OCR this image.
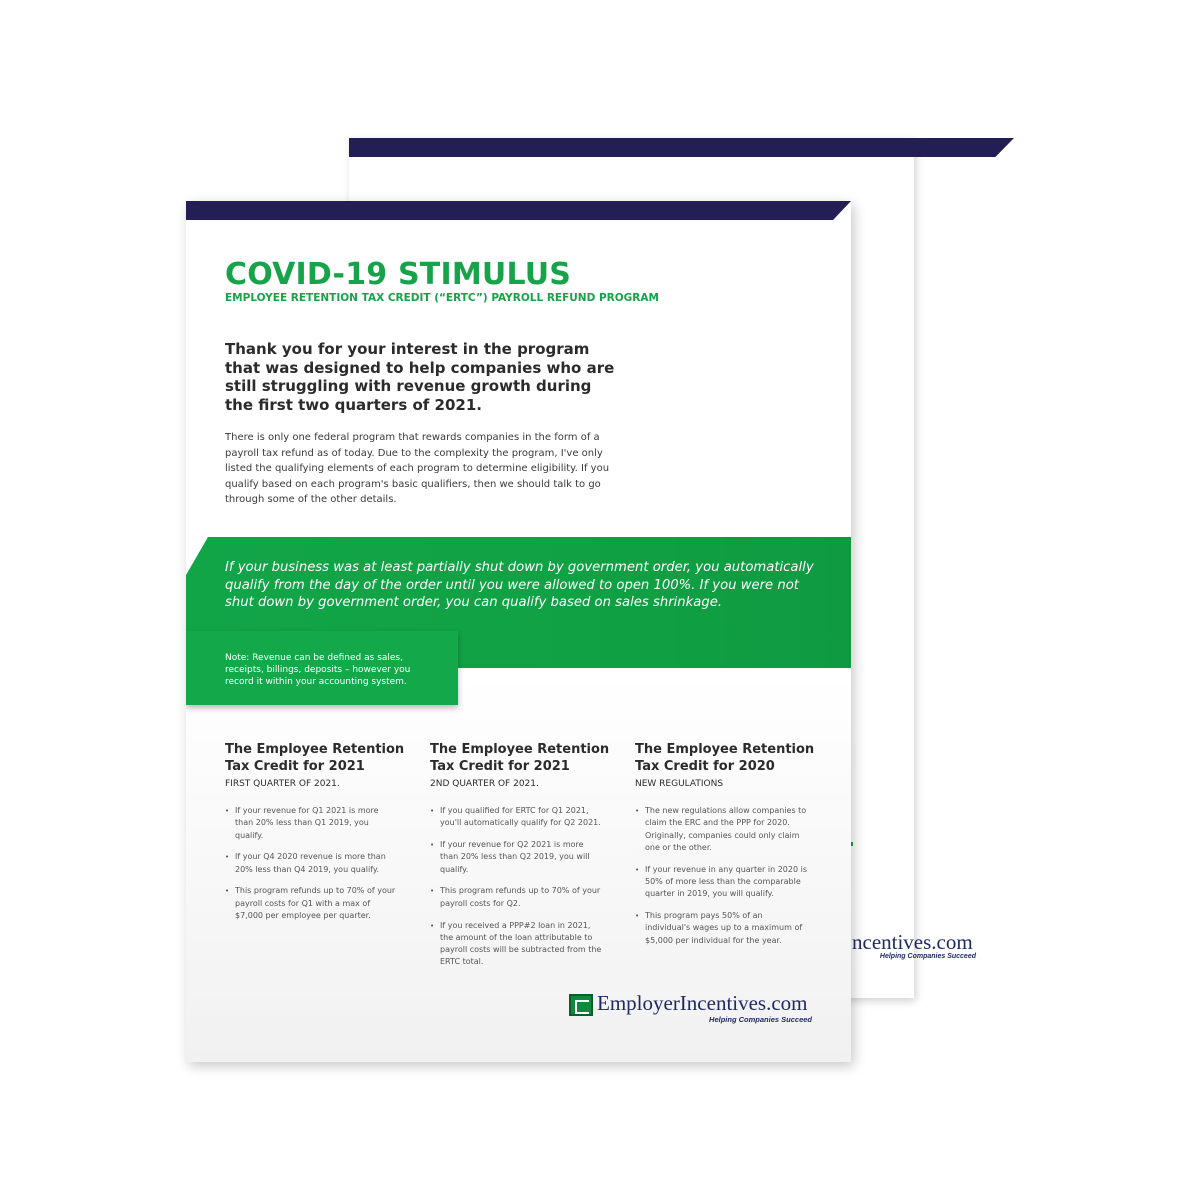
ncentives.com
Helping Companies Succeed
COVID-19 STIMULUS
EMPLOYEE RETENTION TAX CREDIT (“ERTC”) PAYROLL REFUND PROGRAM

Thank you for your interest in the program that was designed to help companies who are still struggling with revenue growth during the first two quarters of 2021.

There is only one federal program that rewards companies in the form of a payroll tax refund as of today. Due to the complexity the program, I've only listed the qualifying elements of each program to determine eligibility. If you qualify based on each program's basic qualifiers, then we should talk to go through some of the other details.

If your business was at least partially shut down by government order, you automatically qualify from the day of the order until you were allowed to open 100%. If you were not shut down by government order, you can qualify based on sales shrinkage.

Note: Revenue can be defined as sales, receipts, billings, deposits – however you record it within your accounting system.

The Employee Retention Tax Credit for 2021
FIRST QUARTER OF 2021.
• If your revenue for Q1 2021 is more than 20% less than Q1 2019, you qualify.
• If your Q4 2020 revenue is more than 20% less than Q4 2019, you qualify.
• This program refunds up to 70% of your payroll costs for Q1 with a max of $7,000 per employee per quarter.
The Employee Retention Tax Credit for 2021
2ND QUARTER OF 2021.
• If you qualified for ERTC for Q1 2021, you'll automatically qualify for Q2 2021.
• If your revenue for Q2 2021 is more than 20% less than Q2 2019, you will qualify.
• This program refunds up to 70% of your payroll costs for Q2.
• If you received a PPP#2 loan in 2021, the amount of the loan attributable to payroll costs will be subtracted from the ERTC total.
The Employee Retention Tax Credit for 2020
NEW REGULATIONS
• The new regulations allow companies to claim the ERC and the PPP for 2020. Originally, companies could only claim one or the other.
• If your revenue in any quarter in 2020 is 50% of more less than the comparable quarter in 2019, you will qualify.
• This program pays 50% of an individual's wages up to a maximum of $5,000 per individual for the year.
EmployerIncentives.com
Helping Companies Succeed
